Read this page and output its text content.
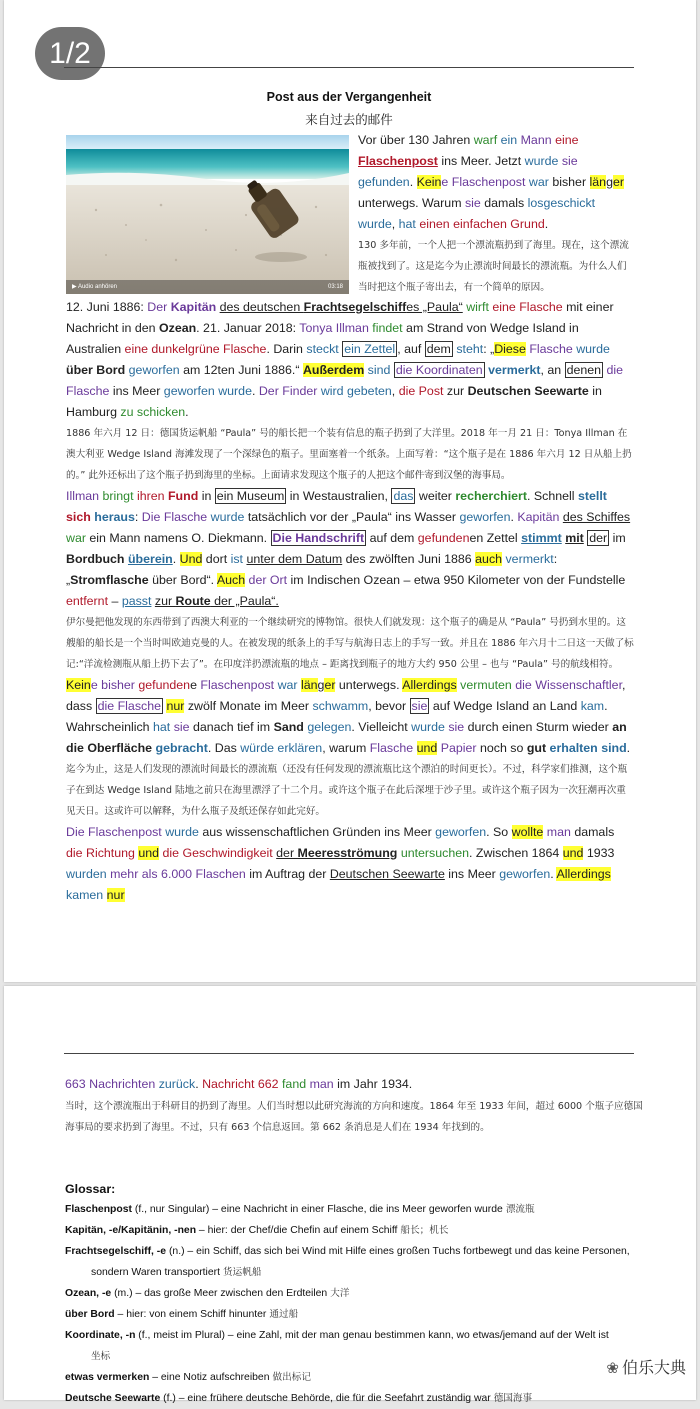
1/2
Post aus der Vergangenheit
来自过去的邮件
▶ Audio anhören	03:18

Vor über 130 Jahren warf ein Mann eine Flaschenpost ins Meer. Jetzt wurde sie gefunden. Keine Flaschenpost war bisher länger unterwegs. Warum sie damals losgeschickt wurde, hat einen einfachen Grund.

130 多年前，一个人把一个漂流瓶扔到了海里。现在，这个漂流瓶被找到了。这是迄今为止漂流时间最长的漂流瓶。为什么人们当时把这个瓶子寄出去，有一个简单的原因。

12. Juni 1886: Der Kapitän des deutschen Frachtsegelschiffes „Paula“ wirft eine Flasche mit einer Nachricht in den Ozean. 21. Januar 2018: Tonya Illman findet am Strand von Wedge Island in Australien eine dunkelgrüne Flasche. Darin steckt ein Zettel , auf dem steht: „Diese Flasche wurde über Bord geworfen am 12ten Juni 1886.“ Außerdem sind die Koordinaten vermerkt, an denen die Flasche ins Meer geworfen wurde. Der Finder wird gebeten, die Post zur Deutschen Seewarte in Hamburg zu schicken.

1886 年六月 12 日：德国货运帆船 “Paula” 号的船长把一个装有信息的瓶子扔到了大洋里。2018 年一月 21 日：Tonya Illman 在澳大利亚 Wedge Island 海滩发现了一个深绿色的瓶子。里面塞着一个纸条。上面写着：“这个瓶子是在 1886 年六月 12 日从船上扔的。” 此外还标出了这个瓶子扔到海里的坐标。上面请求发现这个瓶子的人把这个邮件寄到汉堡的海事局。

Illman bringt ihren Fund in ein Museum in Westaustralien, das weiter recherchiert. Schnell stellt sich heraus: Die Flasche wurde tatsächlich vor der „Paula“ ins Wasser geworfen. Kapitän des Schiffes war ein Mann namens O. Diekmann. Die Handschrift auf dem gefundenen Zettel stimmt mit der im Bordbuch überein. Und dort ist unter dem Datum des zwölften Juni 1886 auch vermerkt: „Stromflasche über Bord“. Auch der Ort im Indischen Ozean – etwa 950 Kilometer von der Fundstelle entfernt – passt zur Route der „Paula“.

伊尔曼把他发现的东西带到了西澳大利亚的一个继续研究的博物馆。很快人们就发现：这个瓶子的确是从 “Paula” 号扔到水里的。这艘船的船长是一个当时叫欧迪克曼的人。在被发现的纸条上的手写与航海日志上的手写一致。并且在 1886 年六月十二日这一天做了标记:“洋流检测瓶从船上扔下去了”。在印度洋扔漂流瓶的地点 – 距离找到瓶子的地方大约 950 公里 – 也与 “Paula” 号的航线相符。

Keine bisher gefundene Flaschenpost war länger unterwegs. Allerdings vermuten die Wissenschaftler, dass die Flasche nur zwölf Monate im Meer schwamm, bevor sie auf Wedge Island an Land kam. Wahrscheinlich hat sie danach tief im Sand gelegen. Vielleicht wurde sie durch einen Sturm wieder an die Oberfläche gebracht. Das würde erklären, warum Flasche und Papier noch so gut erhalten sind.

迄今为止，这是人们发现的漂流时间最长的漂流瓶（还没有任何发现的漂流瓶比这个漂泊的时间更长）。不过，科学家们推测，这个瓶子在到达 Wedge Island 陆地之前只在海里漂浮了十二个月。或许这个瓶子在此后深埋于沙子里。或许这个瓶子因为一次狂潮再次重见天日。这或许可以解释，为什么瓶子及纸还保存如此完好。

Die Flaschenpost wurde aus wissenschaftlichen Gründen ins Meer geworfen. So wollte man damals die Richtung und die Geschwindigkeit der Meeresströmung untersuchen. Zwischen 1864 und 1933 wurden mehr als 6.000 Flaschen im Auftrag der Deutschen Seewarte ins Meer geworfen. Allerdings kamen nur

663 Nachrichten zurück. Nachricht 662 fand man im Jahr 1934.
当时，这个漂流瓶出于科研目的扔到了海里。人们当时想以此研究海流的方向和速度。1864 年至 1933 年间，超过 6000 个瓶子应德国海事局的要求扔到了海里。不过，只有 663 个信息返回。第 662 条消息是人们在 1934 年找到的。
Glossar:
Flaschenpost (f., nur Singular) – eine Nachricht in einer Flasche, die ins Meer geworfen wurde 漂流瓶
Kapitän, -e/Kapitänin, -nen – hier: der Chef/die Chefin auf einem Schiff 船长；机长
Frachtsegelschiff, -e (n.) – ein Schiff, das sich bei Wind mit Hilfe eines großen Tuchs fortbewegt und das keine Personen,
sondern Waren transportiert 货运帆船
Ozean, -e (m.) – das große Meer zwischen den Erdteilen 大洋
über Bord – hier: von einem Schiff hinunter 通过船
Koordinate, -n (f., meist im Plural) – eine Zahl, mit der man genau bestimmen kann, wo etwas/jemand auf der Welt ist
坐标
etwas vermerken – eine Notiz aufschreiben 做出标记
Deutsche Seewarte (f.) – eine frühere deutsche Behörde, die für die Seefahrt zuständig war 德国海事
❀ 伯乐大典
